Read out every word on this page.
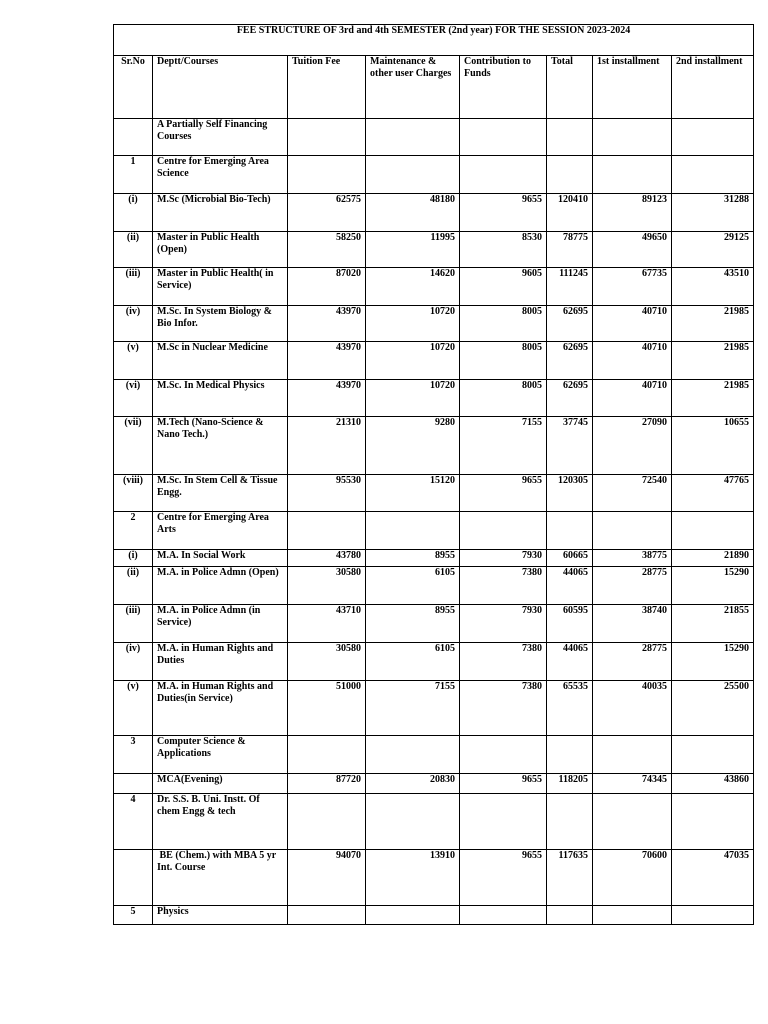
FEE STRUCTURE OF 3rd and 4th SEMESTER (2nd year) FOR THE SESSION 2023-2024							
Sr.No	Deptt/Courses	Tuition Fee	Maintenance & other user Charges	Contribution to Funds	Total	1st installment	2nd installment
	A Partially Self Financing Courses						
1	Centre for Emerging Area Science						
(i)	M.Sc (Microbial Bio-Tech)	62575	48180	9655	120410	89123	31288
(ii)	Master in Public Health (Open)	58250	11995	8530	78775	49650	29125
(iii)	Master in Public Health( in Service)	87020	14620	9605	111245	67735	43510
(iv)	M.Sc. In System Biology & Bio Infor.	43970	10720	8005	62695	40710	21985
(v)	M.Sc in Nuclear Medicine	43970	10720	8005	62695	40710	21985
(vi)	M.Sc. In Medical Physics	43970	10720	8005	62695	40710	21985
(vii)	M.Tech (Nano-Science & Nano Tech.)	21310	9280	7155	37745	27090	10655
(viii)	M.Sc. In Stem Cell & Tissue Engg.	95530	15120	9655	120305	72540	47765
2	Centre for Emerging Area Arts						
(i)	M.A. In Social Work	43780	8955	7930	60665	38775	21890
(ii)	M.A. in Police Admn (Open)	30580	6105	7380	44065	28775	15290
(iii)	M.A. in Police Admn (in Service)	43710	8955	7930	60595	38740	21855
(iv)	M.A. in Human Rights and Duties	30580	6105	7380	44065	28775	15290
(v)	M.A. in Human Rights and Duties(in Service)	51000	7155	7380	65535	40035	25500
3	Computer Science & Applications						
	MCA(Evening)	87720	20830	9655	118205	74345	43860
4	Dr. S.S. B. Uni. Instt. Of chem Engg & tech						
	BE (Chem.) with MBA 5 yr Int. Course	94070	13910	9655	117635	70600	47035
5	Physics						
